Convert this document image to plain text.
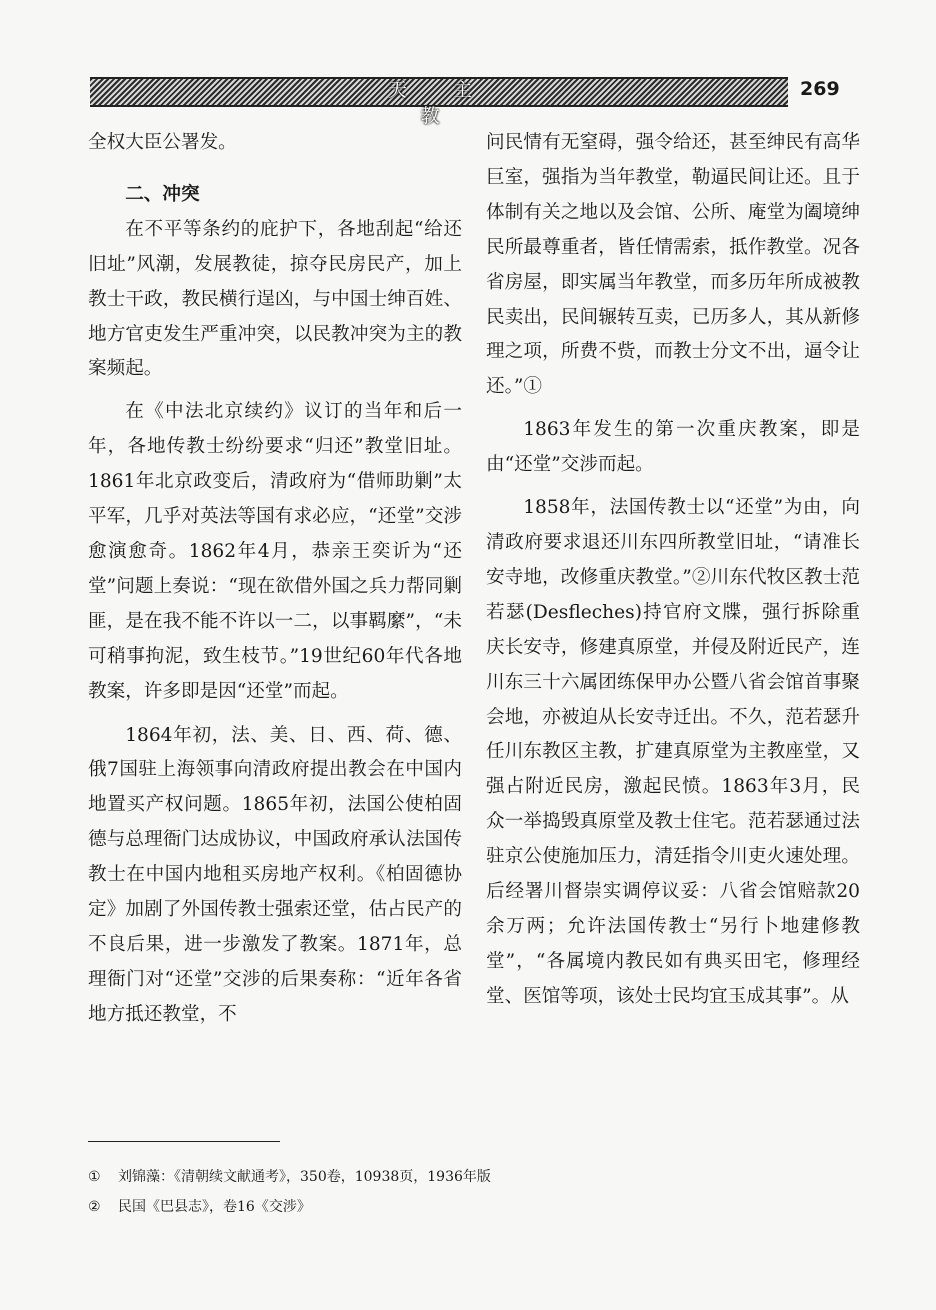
天 主 教
269

全权大臣公署发。

二、冲突

在不平等条约的庇护下，各地刮起“给还旧址”风潮，发展教徒，掠夺民房民产，加上教士干政，教民横行逞凶，与中国士绅百姓、地方官吏发生严重冲突，以民教冲突为主的教案频起。

在《中法北京续约》议订的当年和后一年，各地传教士纷纷要求“归还”教堂旧址。1861年北京政变后，清政府为“借师助剿”太平军，几乎对英法等国有求必应，“还堂”交涉愈演愈奇。1862年4月，恭亲王奕䜣为“还堂”问题上奏说：“现在欲借外国之兵力帮同剿匪，是在我不能不许以一二，以事羁縻”，“未可稍事拘泥，致生枝节。”19世纪60年代各地教案，许多即是因“还堂”而起。

1864年初，法、美、日、西、荷、德、俄7国驻上海领事向清政府提出教会在中国内地置买产权问题。1865年初，法国公使柏固德与总理衙门达成协议，中国政府承认法国传教士在中国内地租买房地产权利。《柏固德协定》加剧了外国传教士强索还堂，估占民产的不良后果，进一步激发了教案。1871年，总理衙门对“还堂”交涉的后果奏称：“近年各省地方抵还教堂，不

问民情有无窒碍，强令给还，甚至绅民有高华巨室，强指为当年教堂，勒逼民间让还。且于体制有关之地以及会馆、公所、庵堂为阖境绅民所最尊重者，皆任情需索，抵作教堂。况各省房屋，即实属当年教堂，而多历年所成被教民卖出，民间辗转互卖，已历多人，其从新修理之项，所费不赀，而教士分文不出，逼令让还。”①

1863年发生的第一次重庆教案，即是由“还堂”交涉而起。

1858年，法国传教士以“还堂”为由，向清政府要求退还川东四所教堂旧址，“请准长安寺地，改修重庆教堂。”②川东代牧区教士范若瑟(Desfleches)持官府文牒，强行拆除重庆长安寺，修建真原堂，并侵及附近民产，连川东三十六属团练保甲办公暨八省会馆首事聚会地，亦被迫从长安寺迁出。不久，范若瑟升任川东教区主教，扩建真原堂为主教座堂，又强占附近民房，激起民愤。1863年3月，民众一举捣毁真原堂及教士住宅。范若瑟通过法驻京公使施加压力，清廷指令川吏火速处理。后经署川督崇实调停议妥：八省会馆赔款20余万两；允许法国传教士“另行卜地建修教堂”，“各属境内教民如有典买田宅，修理经堂、医馆等项，该处士民均宜玉成其事”。从

① 刘锦藻：《清朝续文献通考》，350卷，10938页，1936年版
② 民国《巴县志》，卷16《交涉》
